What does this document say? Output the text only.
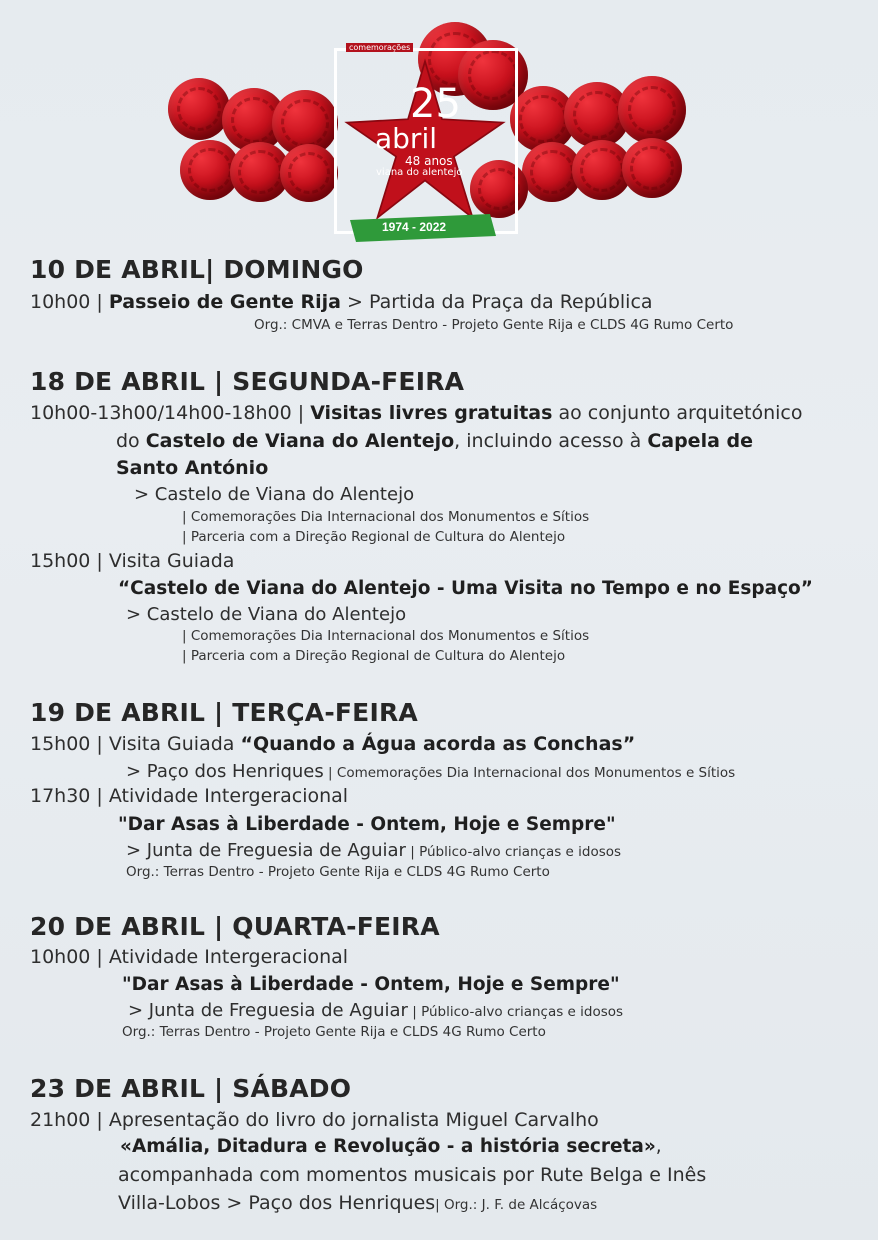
comemorações
25
abril
48 anos
viana do alentejo
1974 - 2022
10 DE ABRIL| DOMINGO
10h00 | Passeio de Gente Rija > Partida da Praça da República
Org.: CMVA e Terras Dentro - Projeto Gente Rija e CLDS 4G Rumo Certo
18 DE ABRIL | SEGUNDA-FEIRA
10h00-13h00/14h00-18h00 | Visitas livres gratuitas ao conjunto arquitetónico
do Castelo de Viana do Alentejo, incluindo acesso à Capela de
Santo António
> Castelo de Viana do Alentejo
| Comemorações Dia Internacional dos Monumentos e Sítios
| Parceria com a Direção Regional de Cultura do Alentejo
15h00 | Visita Guiada
“Castelo de Viana do Alentejo - Uma Visita no Tempo e no Espaço”
> Castelo de Viana do Alentejo
| Comemorações Dia Internacional dos Monumentos e Sítios
| Parceria com a Direção Regional de Cultura do Alentejo
19 DE ABRIL | TERÇA-FEIRA
15h00 | Visita Guiada “Quando a Água acorda as Conchas”
> Paço dos Henriques | Comemorações Dia Internacional dos Monumentos e Sítios
17h30 | Atividade Intergeracional
"Dar Asas à Liberdade - Ontem, Hoje e Sempre"
> Junta de Freguesia de Aguiar | Público-alvo crianças e idosos
Org.: Terras Dentro - Projeto Gente Rija e CLDS 4G Rumo Certo
20 DE ABRIL | QUARTA-FEIRA
10h00 | Atividade Intergeracional
"Dar Asas à Liberdade - Ontem, Hoje e Sempre"
> Junta de Freguesia de Aguiar | Público-alvo crianças e idosos
Org.: Terras Dentro - Projeto Gente Rija e CLDS 4G Rumo Certo
23 DE ABRIL | SÁBADO
21h00 | Apresentação do livro do jornalista Miguel Carvalho
«Amália, Ditadura e Revolução - a história secreta»,
acompanhada com momentos musicais por Rute Belga e Inês
Villa-Lobos > Paço dos Henriques| Org.: J. F. de Alcáçovas
